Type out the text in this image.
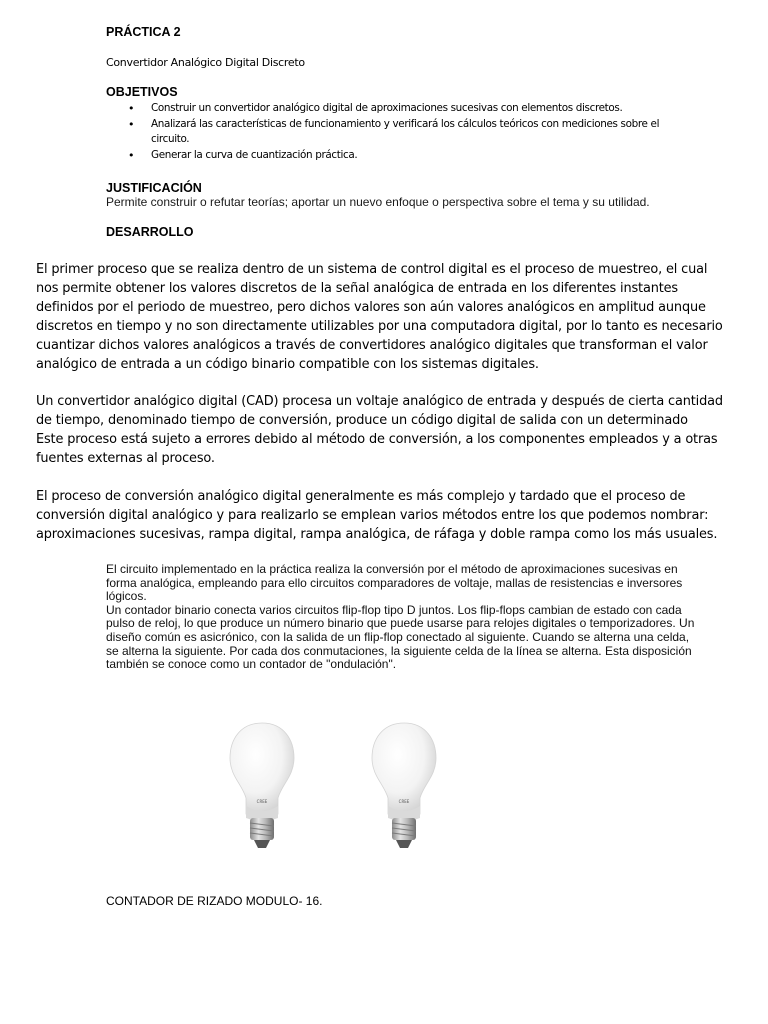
PRÁCTICA 2
Convertidor Analógico Digital Discreto
OBJETIVOS
• Construir un convertidor analógico digital de aproximaciones sucesivas con elementos discretos.
• Analizará las características de funcionamiento y verificará los cálculos teóricos con mediciones sobre el
circuito.
• Generar la curva de cuantización práctica.
JUSTIFICACIÓN
Permite construir o refutar teorías; aportar un nuevo enfoque o perspectiva sobre el tema y su utilidad.
DESARROLLO
El primer proceso que se realiza dentro de un sistema de control digital es el proceso de muestreo, el cual
nos permite obtener los valores discretos de la señal analógica de entrada en los diferentes instantes
definidos por el periodo de muestreo, pero dichos valores son aún valores analógicos en amplitud aunque
discretos en tiempo y no son directamente utilizables por una computadora digital, por lo tanto es necesario
cuantizar dichos valores analógicos a través de convertidores analógico digitales que transforman el valor
analógico de entrada a un código binario compatible con los sistemas digitales.
Un convertidor analógico digital (CAD) procesa un voltaje analógico de entrada y después de cierta cantidad
de tiempo, denominado tiempo de conversión, produce un código digital de salida con un determinado
Este proceso está sujeto a errores debido al método de conversión, a los componentes empleados y a otras
fuentes externas al proceso.
El proceso de conversión analógico digital generalmente es más complejo y tardado que el proceso de
conversión digital analógico y para realizarlo se emplean varios métodos entre los que podemos nombrar:
aproximaciones sucesivas, rampa digital, rampa analógica, de ráfaga y doble rampa como los más usuales.
El circuito implementado en la práctica realiza la conversión por el método de aproximaciones sucesivas en
forma analógica, empleando para ello circuitos comparadores de voltaje, mallas de resistencias e inversores
lógicos.
Un contador binario conecta varios circuitos flip-flop tipo D juntos. Los flip-flops cambian de estado con cada
pulso de reloj, lo que produce un número binario que puede usarse para relojes digitales o temporizadores. Un
diseño común es asicrónico, con la salida de un flip-flop conectado al siguiente. Cuando se alterna una celda,
se alterna la siguiente. Por cada dos conmutaciones, la siguiente celda de la línea se alterna. Esta disposición
también se conoce como un contador de "ondulación".
CREE	CREE
CONTADOR DE RIZADO MODULO- 16.
